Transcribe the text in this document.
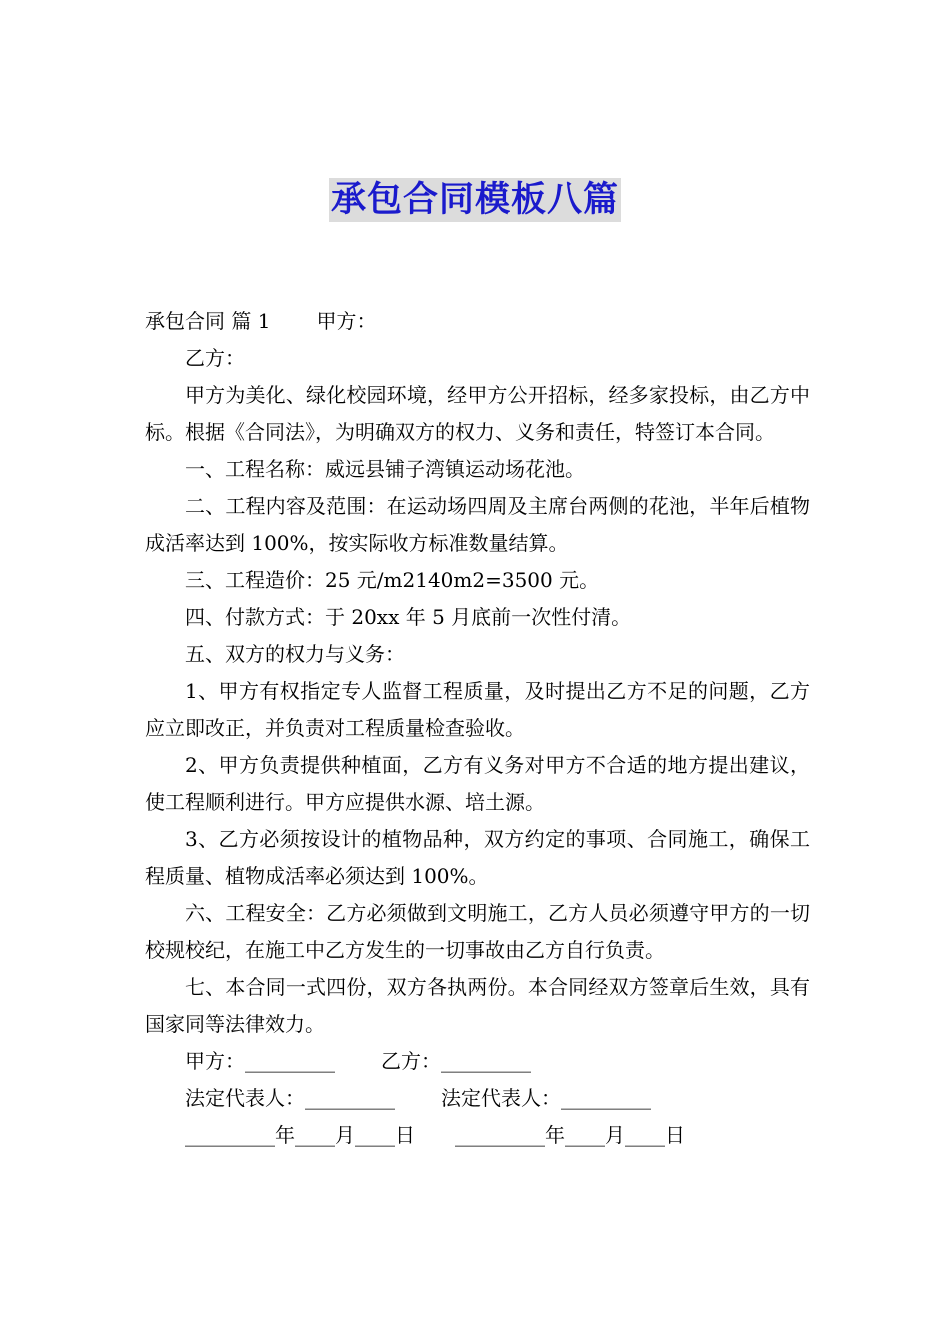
承包合同模板八篇

承包合同 篇 1 甲方：

乙方：

甲方为美化、绿化校园环境，经甲方公开招标，经多家投标，由乙方中标。根据《合同法》，为明确双方的权力、义务和责任，特签订本合同。

一、工程名称：威远县铺子湾镇运动场花池。

二、工程内容及范围：在运动场四周及主席台两侧的花池，半年后植物成活率达到 100%，按实际收方标准数量结算。

三、工程造价：25 元/m2140m2=3500 元。

四、付款方式：于 20xx 年 5 月底前一次性付清。

五、双方的权力与义务：

1、甲方有权指定专人监督工程质量，及时提出乙方不足的问题，乙方应立即改正，并负责对工程质量检查验收。

2、甲方负责提供种植面，乙方有义务对甲方不合适的地方提出建议，使工程顺利进行。甲方应提供水源、培土源。

3、乙方必须按设计的植物品种，双方约定的事项、合同施工，确保工程质量、植物成活率必须达到 100%。

六、工程安全：乙方必须做到文明施工，乙方人员必须遵守甲方的一切校规校纪，在施工中乙方发生的一切事故由乙方自行负责。

七、本合同一式四份，双方各执两份。本合同经双方签章后生效，具有国家同等法律效力。

甲方：_________ 乙方：_________

法定代表人：_________ 法定代表人：_________

_________年____月____日 _________年____月____日
